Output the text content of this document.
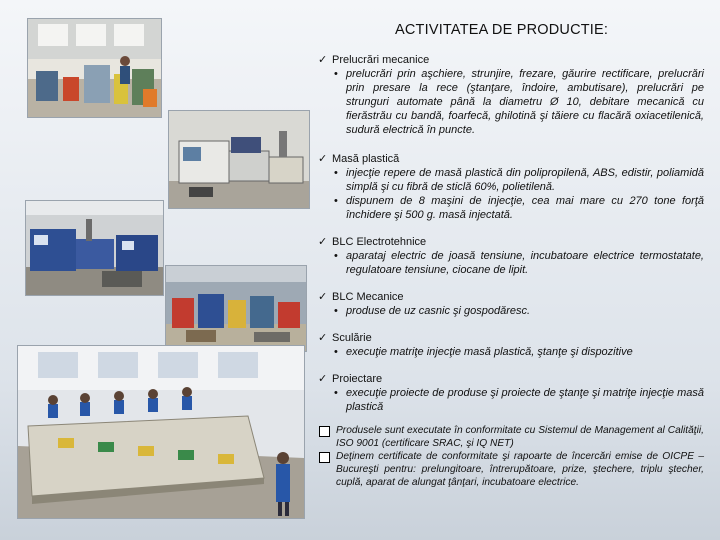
ACTIVITATEA DE PRODUCTIE:
✓ Prelucrări mecanice
• prelucrări prin aşchiere, strunjire, frezare, găurire rectificare, prelucrări prin presare la rece (ştanţare, îndoire, ambutisare), prelucrări pe strunguri automate până la diametru Ø 10, debitare mecanică cu fierăstrău cu bandă, foarfecă, ghilotină şi tăiere cu flacără oxiacetilenică, sudură electrică în puncte.
✓ Masă plastică
• injecţie repere de masă plastică din polipropilenă, ABS, edistir, poliamidă simplă şi cu fibră de sticlă 60%, polietilenă.
• dispunem de 8 maşini de injecţie, cea mai mare cu 270 tone forţă închidere şi 500 g. masă injectată.
✓ BLC Electrotehnice
• aparataj electric de joasă tensiune, incubatoare electrice termostatate, regulatoare tensiune, ciocane de lipit.
✓ BLC Mecanice
• produse de uz casnic şi gospodăresc.
✓ Sculărie
• execuţie matriţe injecţie masă plastică, ştanţe şi dispozitive
✓ Proiectare
• execuţie proiecte de produse şi proiecte de ştanţe şi matriţe injecţie masă plastică
Produsele sunt executate în conformitate cu Sistemul de Management al Calităţii, ISO 9001 (certificare SRAC, şi IQ NET)
Deţinem certificate de conformitate şi rapoarte de încercări emise de OICPE – Bucureşti pentru: prelungitoare, întrerupătoare, prize, ştechere, triplu ştecher, cuplă, aparat de alungat ţânţari, incubatoare electrice.
